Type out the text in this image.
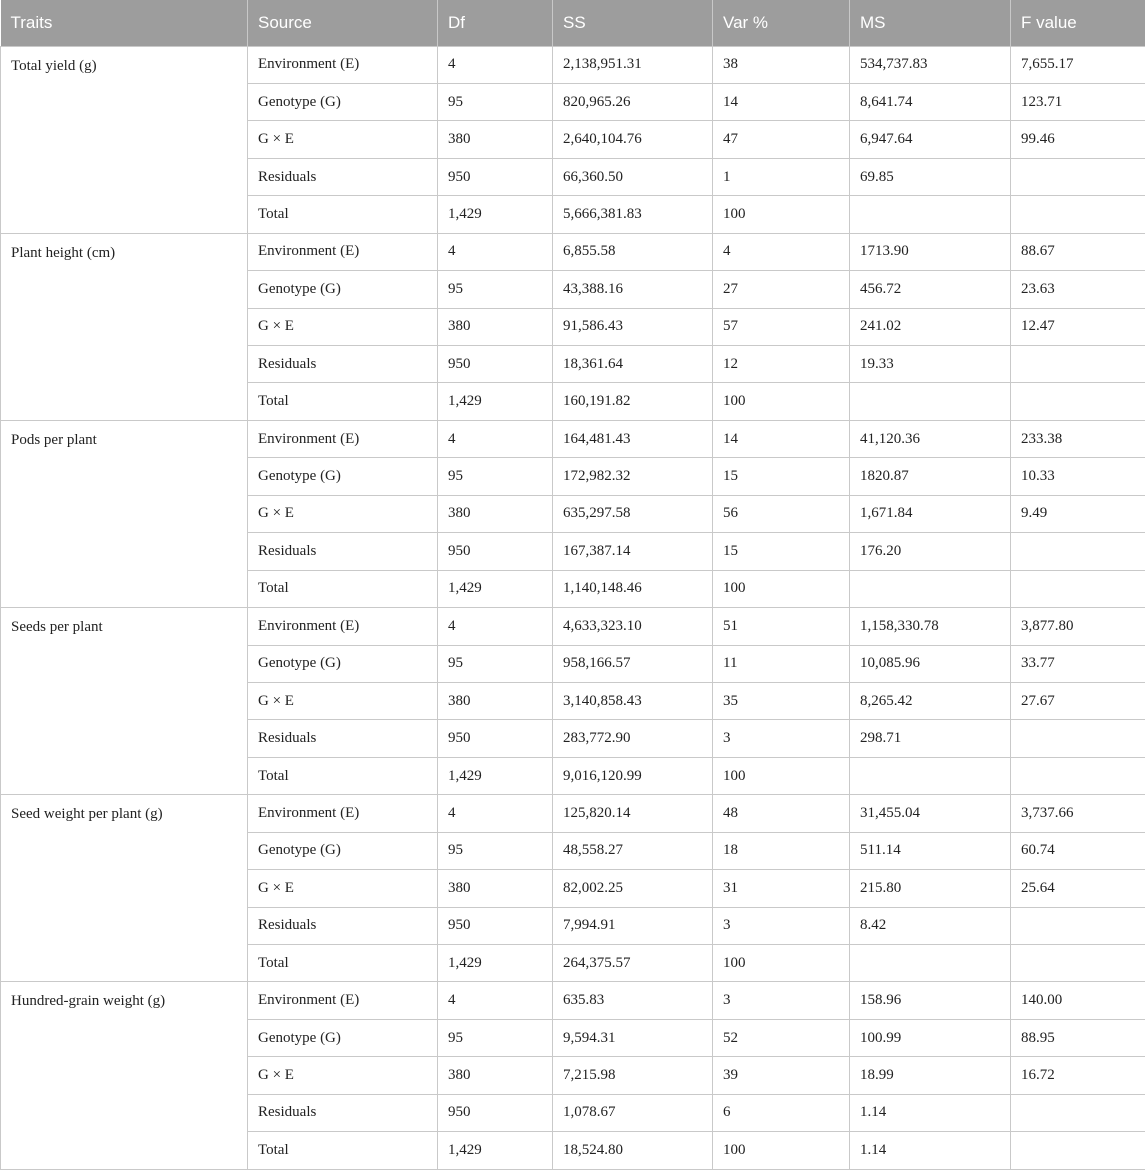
Traits	Source	Df	SS	Var %	MS	F value
Total yield (g)	Environment (E)	4	2,138,951.31	38	534,737.83	7,655.17
	Genotype (G)	95	820,965.26	14	8,641.74	123.71
	G × E	380	2,640,104.76	47	6,947.64	99.46
	Residuals	950	66,360.50	1	69.85	
	Total	1,429	5,666,381.83	100		
Plant height (cm)	Environment (E)	4	6,855.58	4	1713.90	88.67
	Genotype (G)	95	43,388.16	27	456.72	23.63
	G × E	380	91,586.43	57	241.02	12.47
	Residuals	950	18,361.64	12	19.33	
	Total	1,429	160,191.82	100		
Pods per plant	Environment (E)	4	164,481.43	14	41,120.36	233.38
	Genotype (G)	95	172,982.32	15	1820.87	10.33
	G × E	380	635,297.58	56	1,671.84	9.49
	Residuals	950	167,387.14	15	176.20	
	Total	1,429	1,140,148.46	100		
Seeds per plant	Environment (E)	4	4,633,323.10	51	1,158,330.78	3,877.80
	Genotype (G)	95	958,166.57	11	10,085.96	33.77
	G × E	380	3,140,858.43	35	8,265.42	27.67
	Residuals	950	283,772.90	3	298.71	
	Total	1,429	9,016,120.99	100		
Seed weight per plant (g)	Environment (E)	4	125,820.14	48	31,455.04	3,737.66
	Genotype (G)	95	48,558.27	18	511.14	60.74
	G × E	380	82,002.25	31	215.80	25.64
	Residuals	950	7,994.91	3	8.42	
	Total	1,429	264,375.57	100		
Hundred-grain weight (g)	Environment (E)	4	635.83	3	158.96	140.00
	Genotype (G)	95	9,594.31	52	100.99	88.95
	G × E	380	7,215.98	39	18.99	16.72
	Residuals	950	1,078.67	6	1.14	
	Total	1,429	18,524.80	100	1.14	
